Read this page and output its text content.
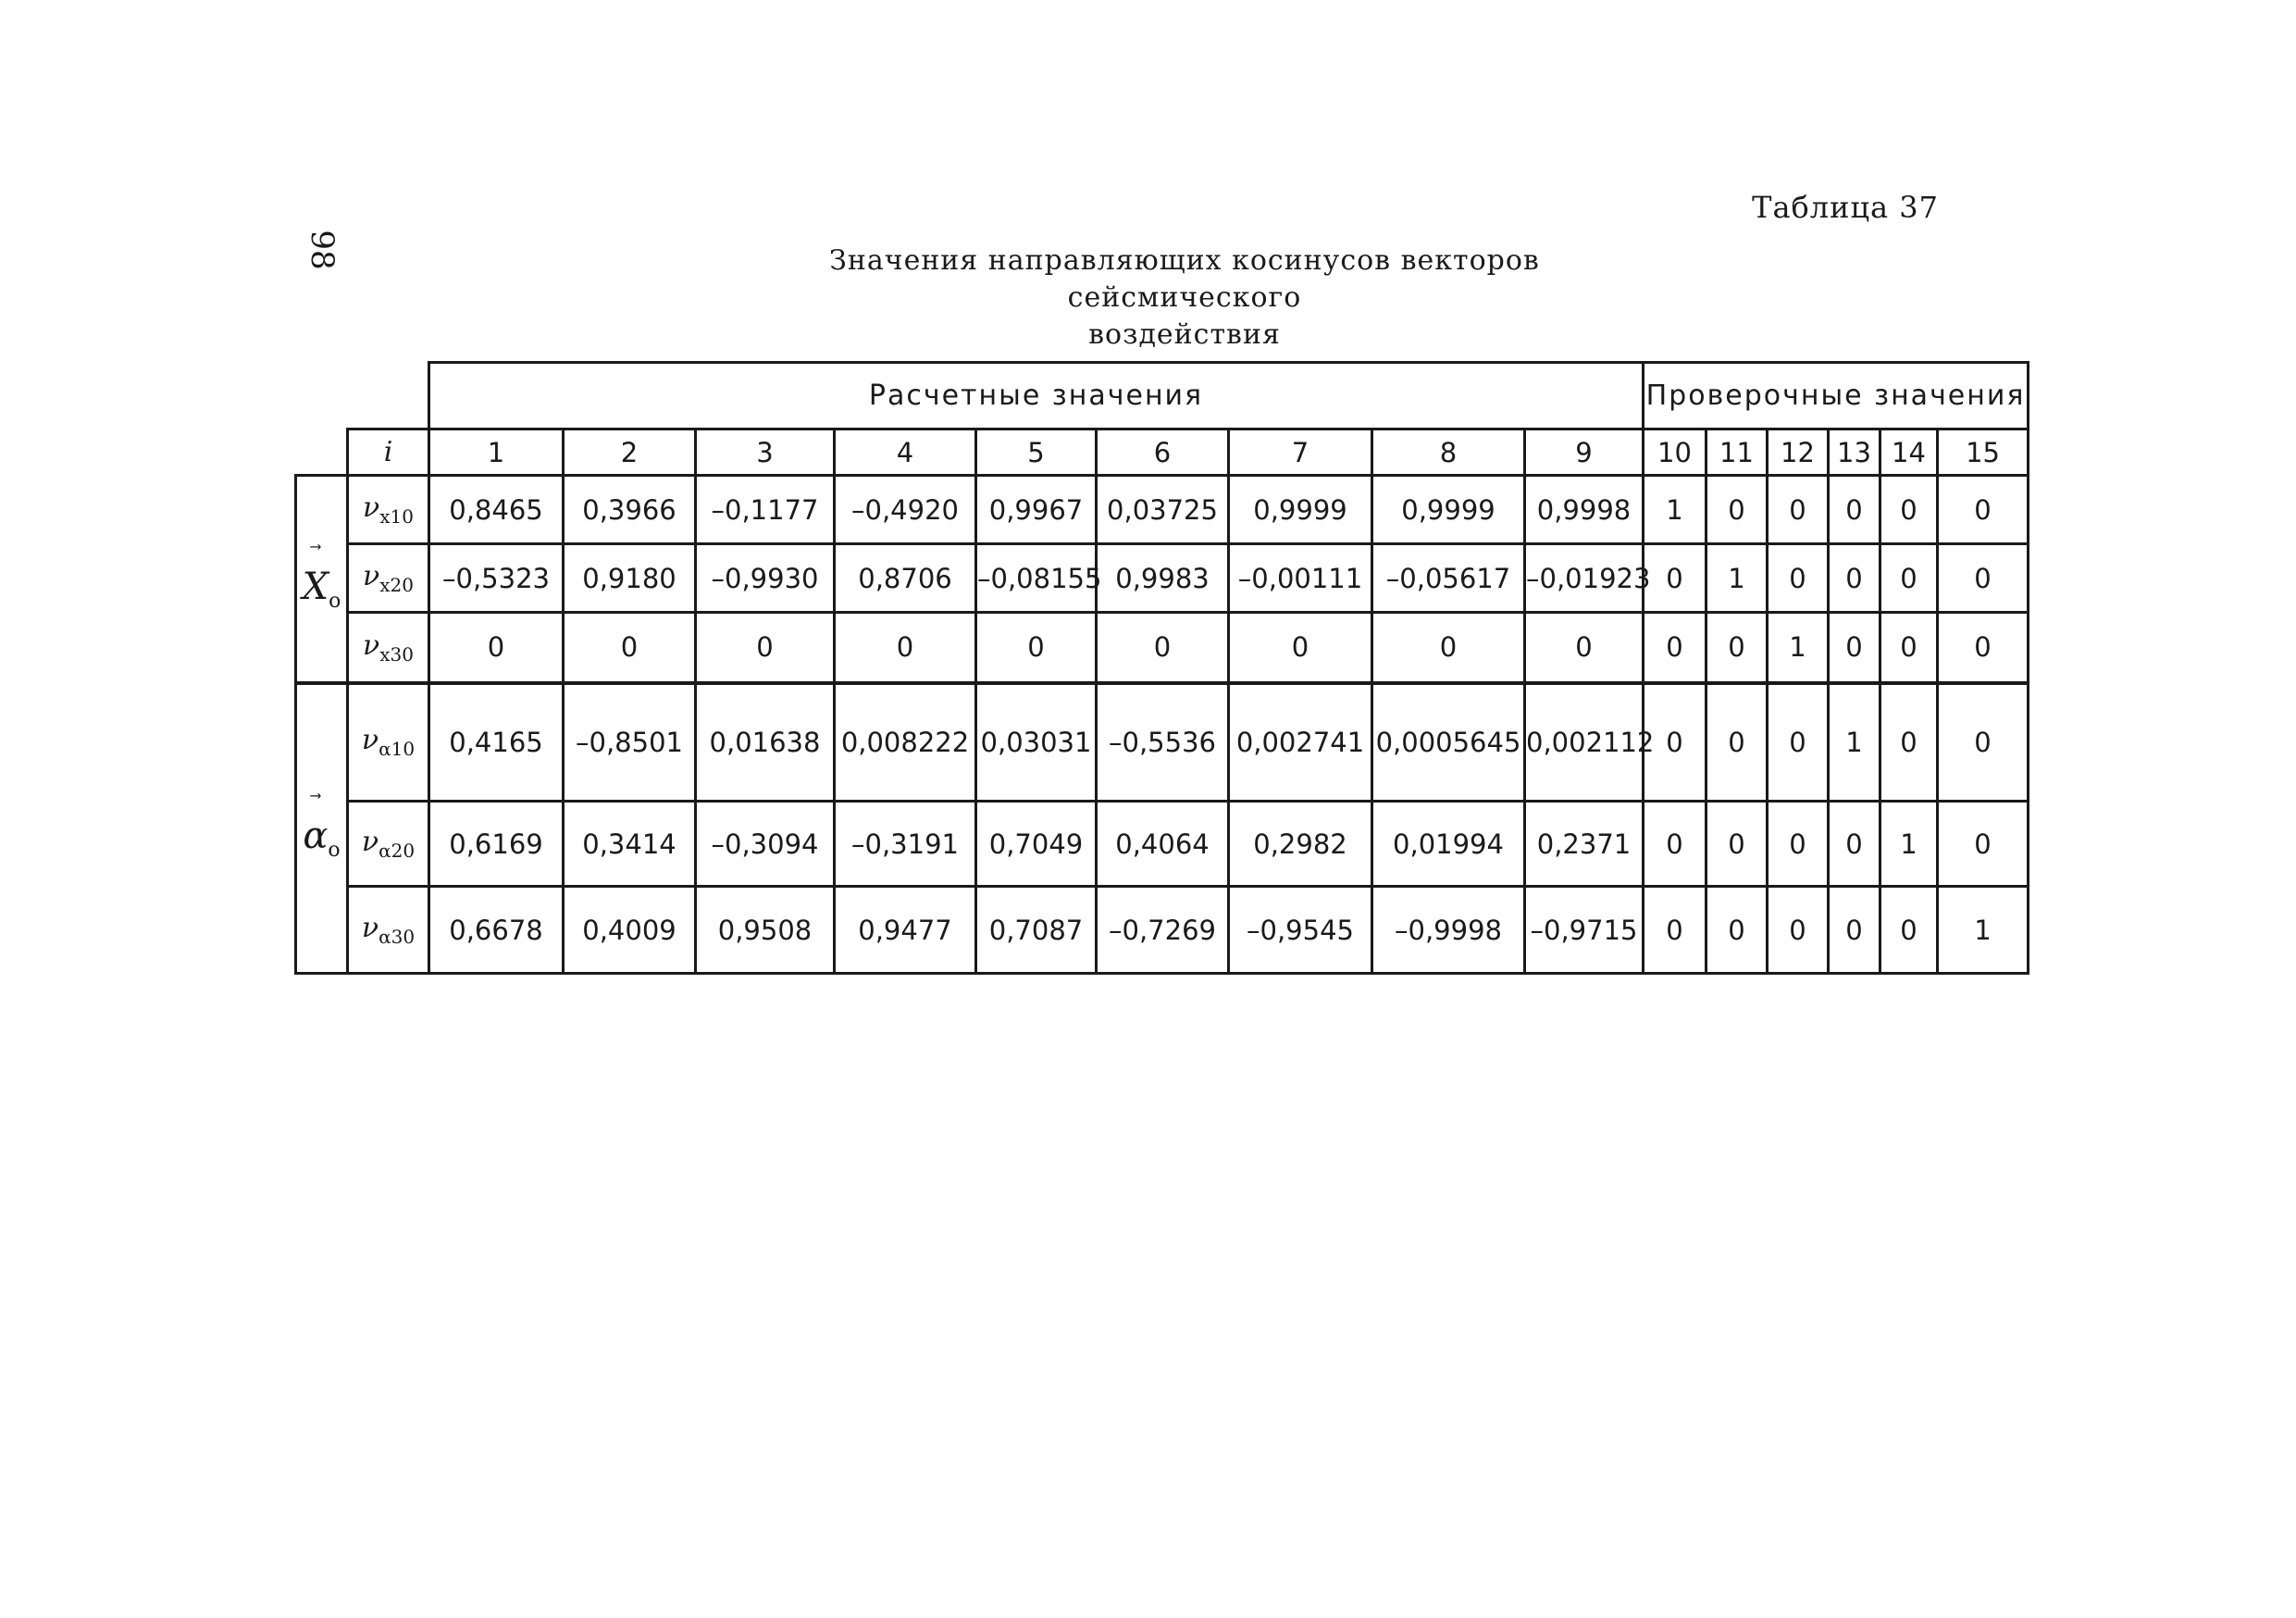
98
Таблица 37
Значения направляющих косинусов векторов сейсмического
воздействия
		Расчетные значения									Проверочные значения					
	i	1	2	3	4	5	6	7	8	9	10	11	12	13	14	15

$X_o$	$\nu_{x10}$	0,8465	0,3966	–0,1177	–0,4920	0,9967	0,03725	0,9999	0,9999	0,9998	1	0	0	0	0	0
	$\nu_{x20}$	–0,5323	0,9180	–0,9930	0,8706	–0,08155	0,9983	–0,00111	–0,05617	–0,01923	0	1	0	0	0	0
	$\nu_{x30}$	0	0	0	0	0	0	0	0	0	0	0	1	0	0	0

$\alpha_o$	$\nu_{\alpha 10}$	0,4165	–0,8501	0,01638	0,008222	0,03031	–0,5536	0,002741	0,0005645	0,002112	0	0	0	1	0	0
	$\nu_{\alpha 20}$	0,6169	0,3414	–0,3094	–0,3191	0,7049	0,4064	0,2982	0,01994	0,2371	0	0	0	0	1	0
	$\nu_{\alpha 30}$	0,6678	0,4009	0,9508	0,9477	0,7087	–0,7269	–0,9545	–0,9998	–0,9715	0	0	0	0	0	1
